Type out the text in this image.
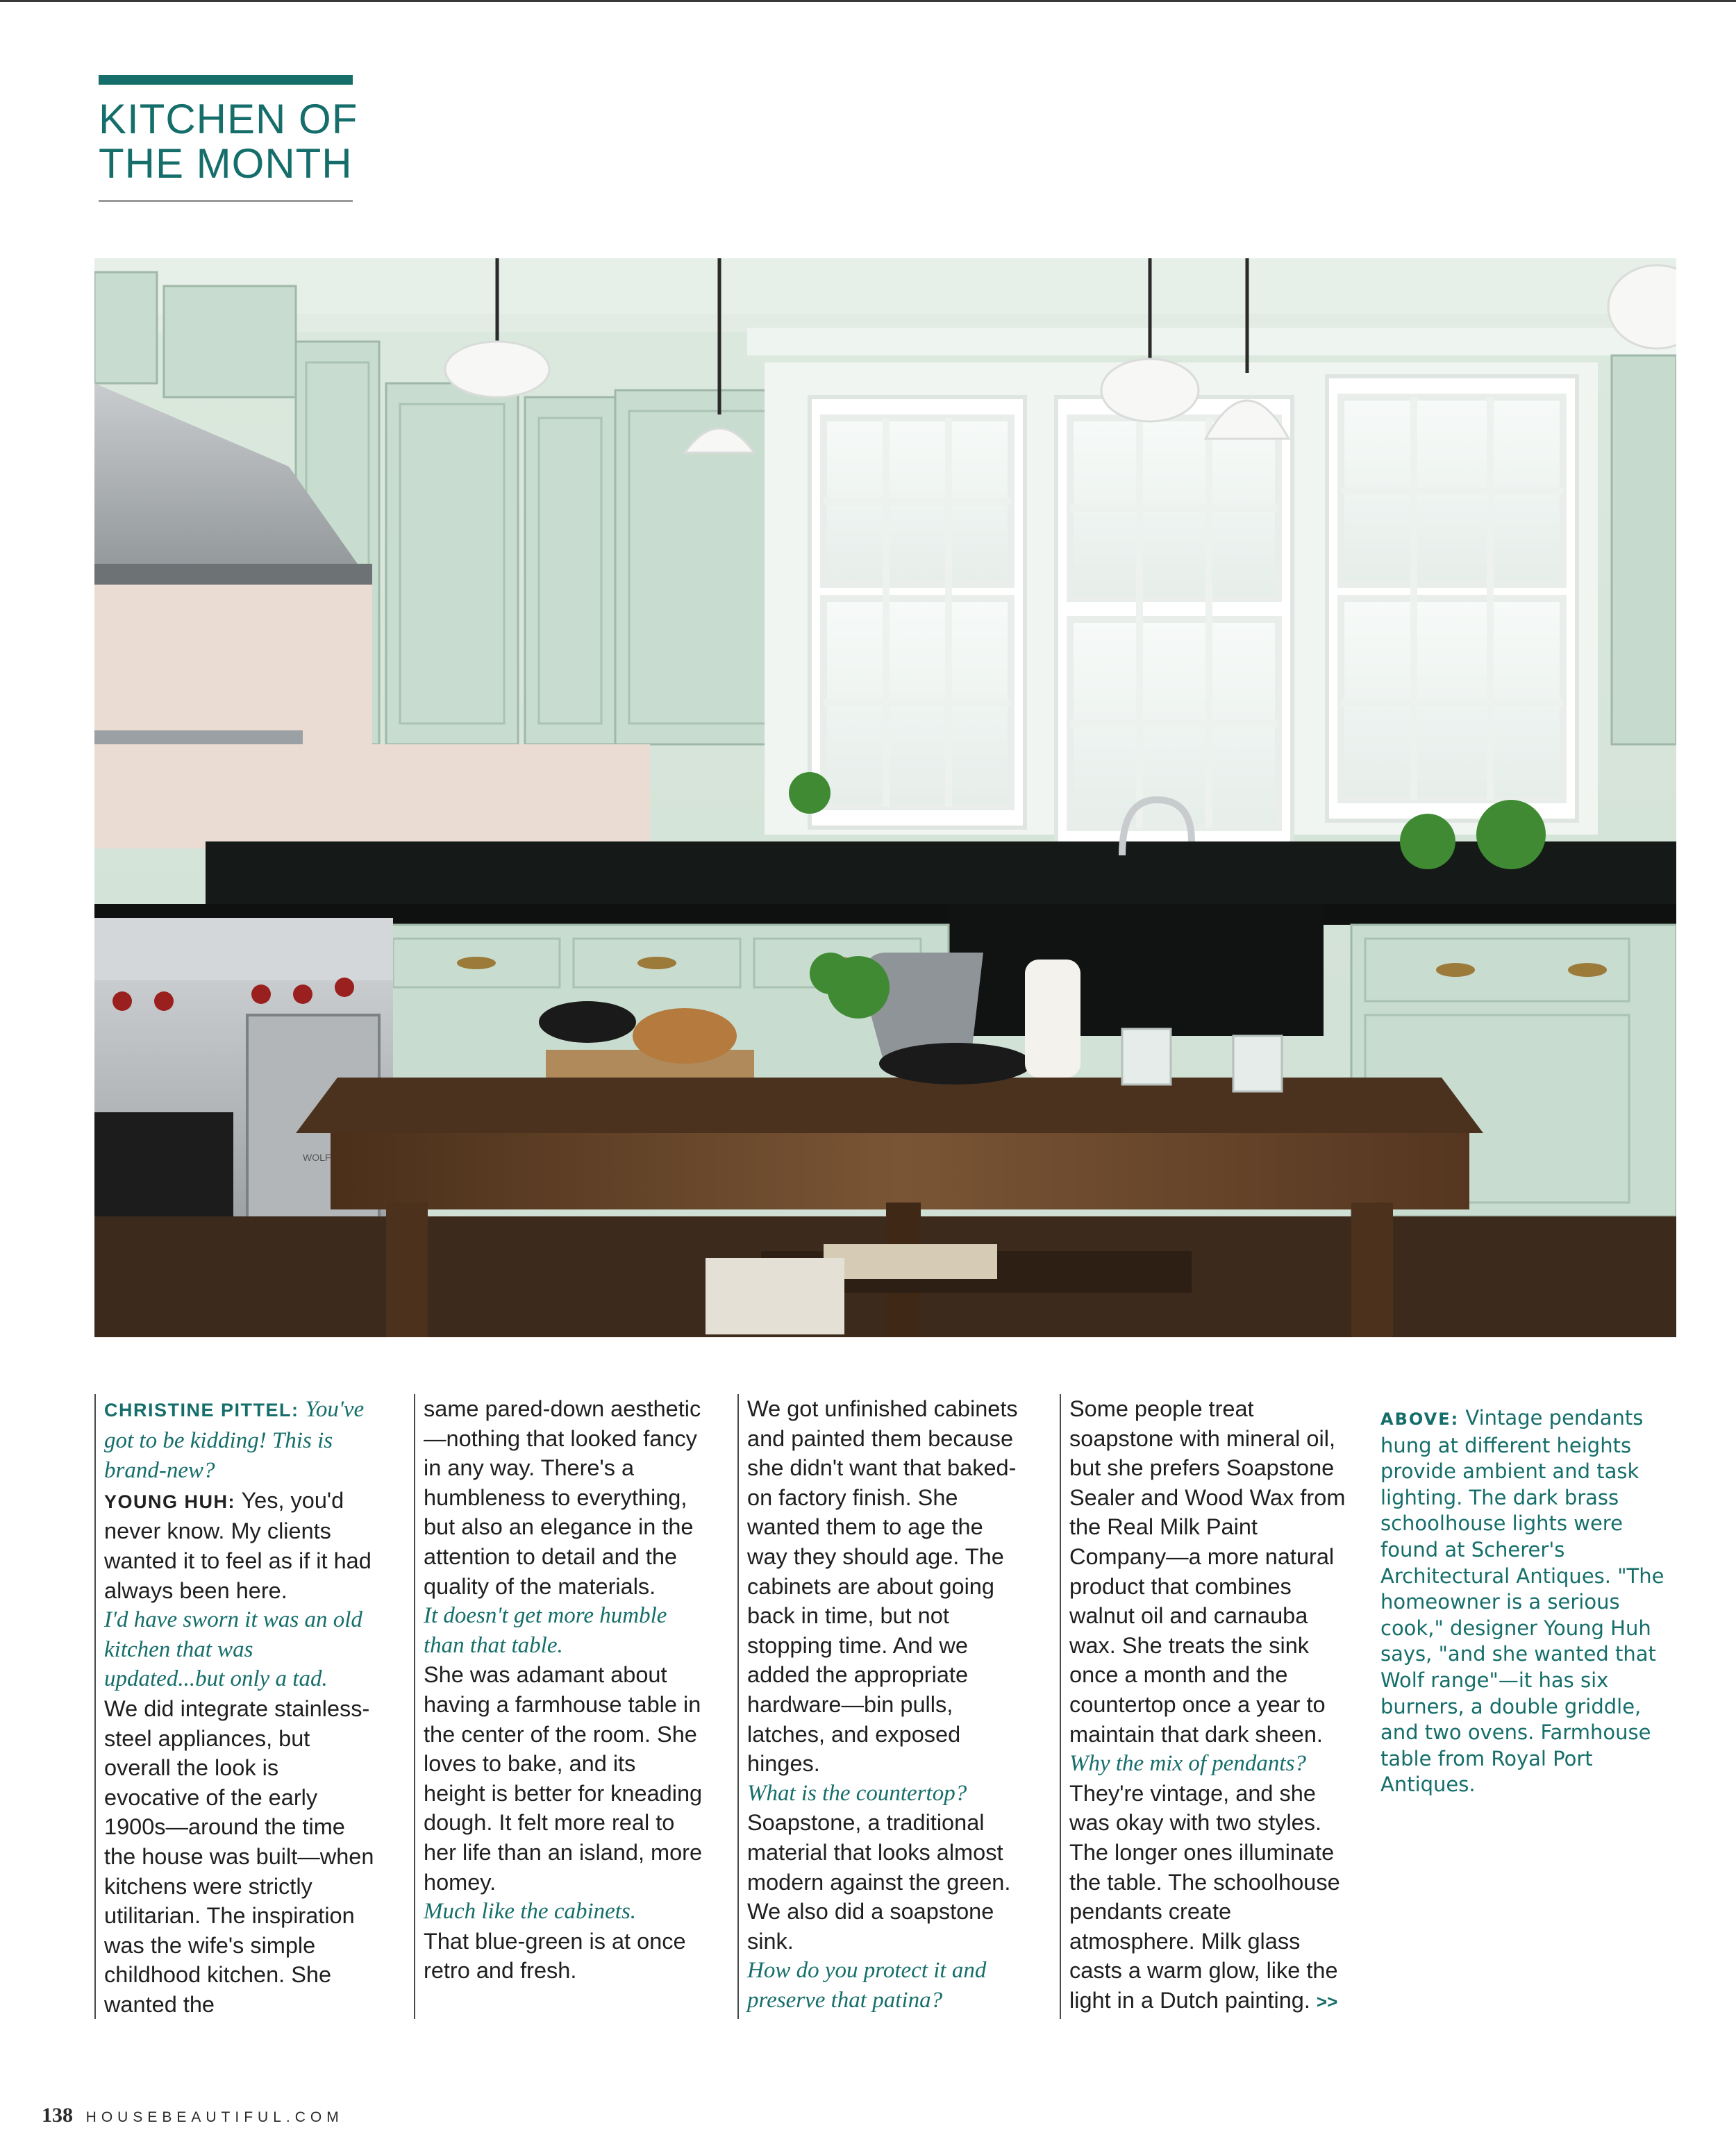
KITCHEN OF
THE MONTH
WOLF

CHRISTINE PITTEL: You've got to be kidding! This is brand-new?

YOUNG HUH: Yes, you'd never know. My clients wanted it to feel as if it had always been here.

I'd have sworn it was an old kitchen that was updated...but only a tad.

We did integrate stainless-steel appliances, but overall the look is evocative of the early 1900s—around the time the house was built—when kitchens were strictly utilitarian. The inspiration was the wife's simple childhood kitchen. She wanted the

same pared-down aesthetic—nothing that looked fancy in any way. There's a humbleness to everything, but also an elegance in the attention to detail and the quality of the materials.

It doesn't get more humble than that table.

She was adamant about having a farmhouse table in the center of the room. She loves to bake, and its height is better for kneading dough. It felt more real to her life than an island, more homey.

Much like the cabinets.

That blue-green is at once retro and fresh.

We got unfinished cabinets and painted them because she didn't want that baked-on factory finish. She wanted them to age the way they should age. The cabinets are about going back in time, but not stopping time. And we added the appropriate hardware—bin pulls, latches, and exposed hinges.

What is the countertop?

Soapstone, a traditional material that looks almost modern against the green. We also did a soapstone sink.

How do you protect it and preserve that patina?

Some people treat soapstone with mineral oil, but she prefers Soapstone Sealer and Wood Wax from the Real Milk Paint Company—a more natural product that combines walnut oil and carnauba wax. She treats the sink once a month and the countertop once a year to maintain that dark sheen.

Why the mix of pendants?

They're vintage, and she was okay with two styles. The longer ones illuminate the table. The schoolhouse pendants create atmosphere. Milk glass casts a warm glow, like the light in a Dutch painting. >>

ABOVE: Vintage pendants hung at different heights provide ambient and task lighting. The dark brass schoolhouse lights were found at Scherer's Architectural Antiques. "The homeowner is a serious cook," designer Young Huh says, "and she wanted that Wolf range"—it has six burners, a double griddle, and two ovens. Farmhouse table from Royal Port Antiques.
138 HOUSEBEAUTIFUL.COM
